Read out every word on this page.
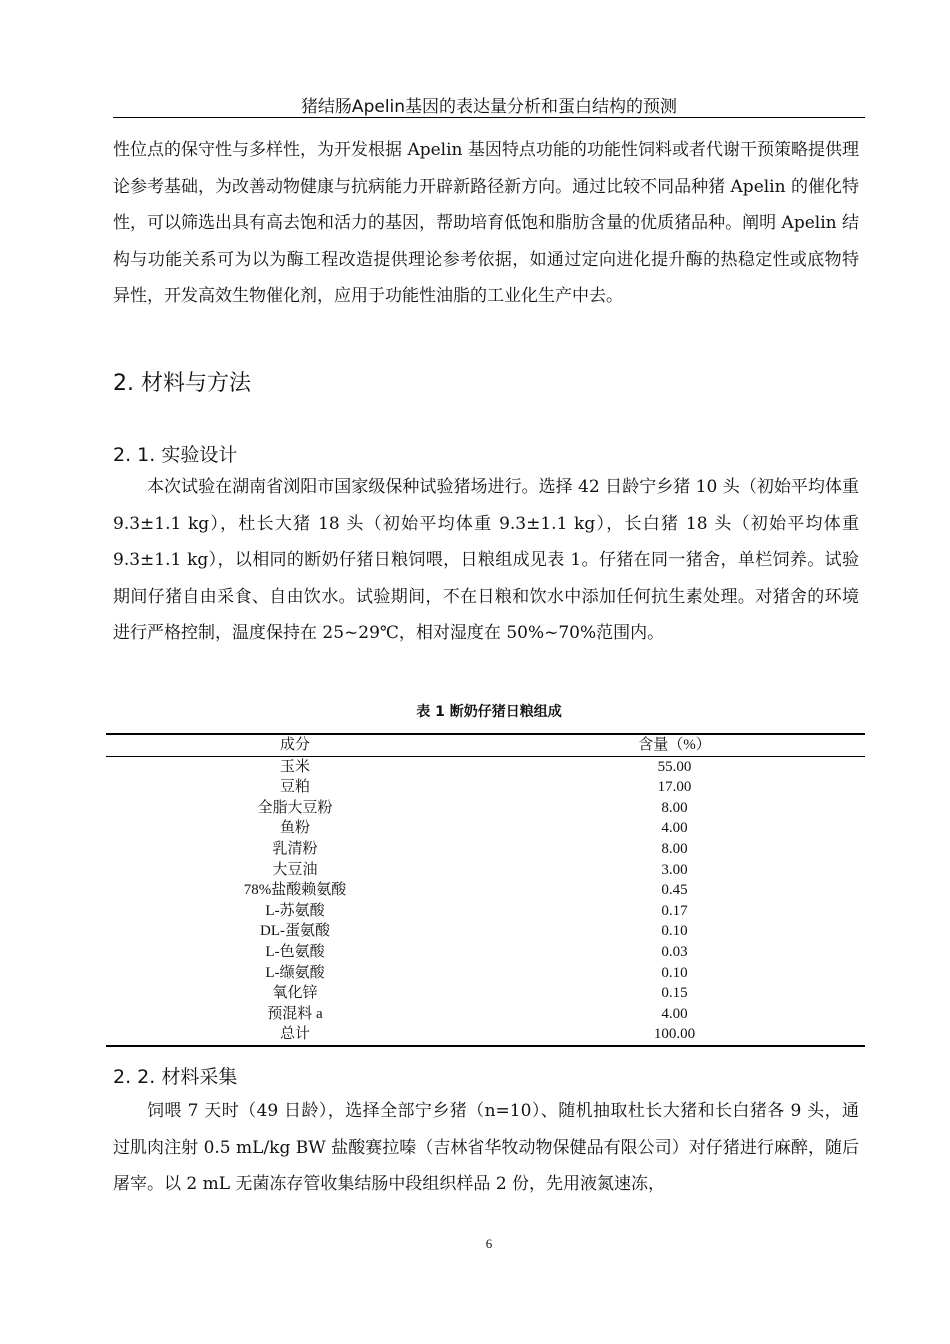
猪结肠Apelin基因的表达量分析和蛋白结构的预测

性位点的保守性与多样性，为开发根据 Apelin 基因特点功能的功能性饲料或者代谢干预策略提供理论参考基础，为改善动物健康与抗病能力开辟新路径新方向。通过比较不同品种猪 Apelin 的催化特性，可以筛选出具有高去饱和活力的基因，帮助培育低饱和脂肪含量的优质猪品种。阐明 Apelin 结构与功能关系可为以为酶工程改造提供理论参考依据，如通过定向进化提升酶的热稳定性或底物特异性，开发高效生物催化剂，应用于功能性油脂的工业化生产中去。

2. 材料与方法
2. 1. 实验设计

本次试验在湖南省浏阳市国家级保种试验猪场进行。选择 42 日龄宁乡猪 10 头（初始平均体重 9.3±1.1 kg），杜长大猪 18 头（初始平均体重 9.3±1.1 kg），长白猪 18 头（初始平均体重 9.3±1.1 kg），以相同的断奶仔猪日粮饲喂，日粮组成见表 1。仔猪在同一猪舍，单栏饲养。试验期间仔猪自由采食、自由饮水。试验期间，不在日粮和饮水中添加任何抗生素处理。对猪舍的环境进行严格控制，温度保持在 25~29℃，相对湿度在 50%~70%范围内。

表 1 断奶仔猪日粮组成
成分	含量（%）
玉米	55.00
豆粕	17.00
全脂大豆粉	8.00
鱼粉	4.00
乳清粉	8.00
大豆油	3.00
78%盐酸赖氨酸	0.45
L-苏氨酸	0.17
DL-蛋氨酸	0.10
L-色氨酸	0.03
L-缬氨酸	0.10
氧化锌	0.15
预混料 a	4.00
总计	100.00
2. 2. 材料采集

饲喂 7 天时（49 日龄），选择全部宁乡猪（n=10）、随机抽取杜长大猪和长白猪各 9 头，通过肌肉注射 0.5 mL/kg BW 盐酸赛拉嗪（吉林省华牧动物保健品有限公司）对仔猪进行麻醉，随后屠宰。以 2 mL 无菌冻存管收集结肠中段组织样品 2 份，先用液氮速冻，

6
